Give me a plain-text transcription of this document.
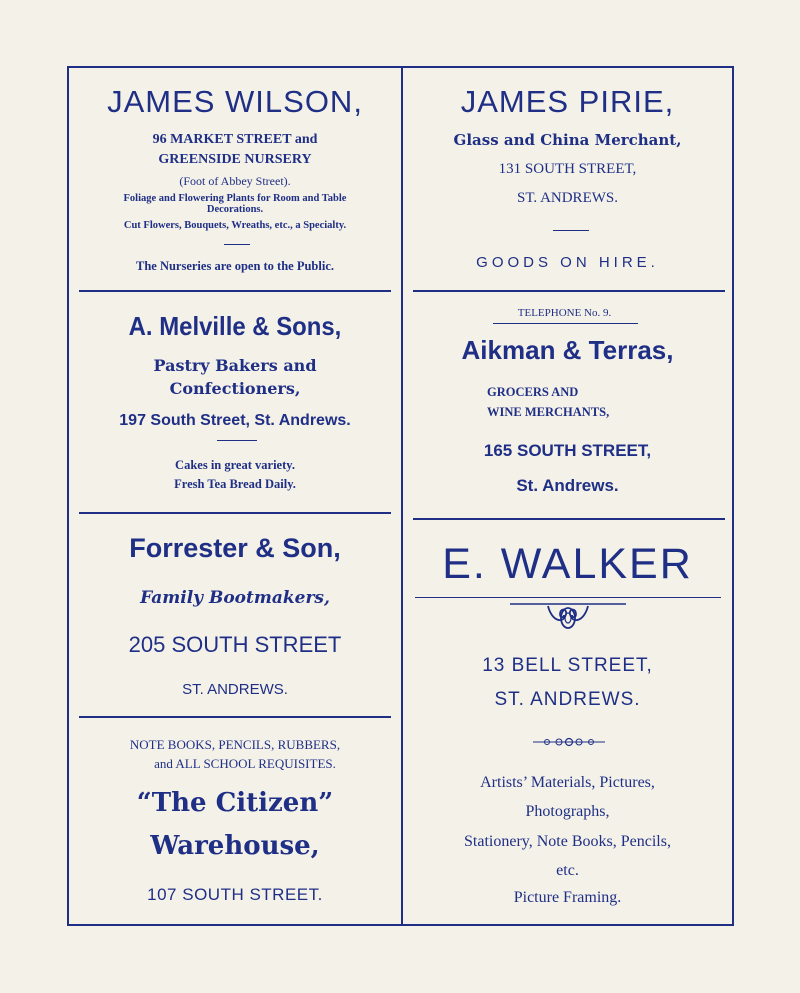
JAMES WILSON,
96 MARKET STREET and
GREENSIDE NURSERY
(Foot of Abbey Street).
Foliage and Flowering Plants for Room and Table
Decorations.
Cut Flowers, Bouquets, Wreaths, etc., a Specialty.
The Nurseries are open to the Public.
A. Melville & Sons,
Pastry Bakers and
Confectioners,
197 South Street, St. Andrews.
Cakes in great variety.
Fresh Tea Bread Daily.
Forrester & Son,
Family Bootmakers,
205 SOUTH STREET
ST. ANDREWS.
NOTE BOOKS, PENCILS, RUBBERS,
and ALL SCHOOL REQUISITES.
“The Citizen”
Warehouse,
107 SOUTH STREET.
JAMES PIRIE,
Glass and China Merchant,
131 SOUTH STREET,
ST. ANDREWS.
GOODS ON HIRE.
TELEPHONE No. 9.
Aikman & Terras,
GROCERS AND
WINE MERCHANTS,
165 SOUTH STREET,
St. Andrews.
E. WALKER
13 BELL STREET,
ST. ANDREWS.
Artists’ Materials, Pictures,
Photographs,
Stationery, Note Books, Pencils,
etc.
Picture Framing.
